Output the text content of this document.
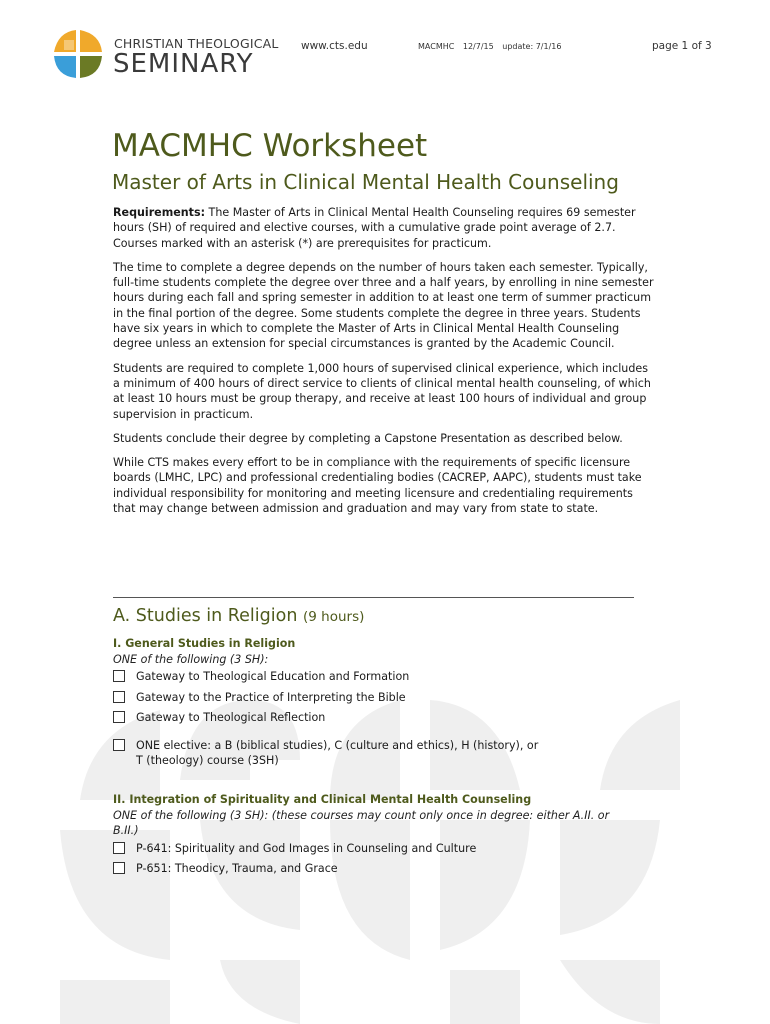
CHRISTIAN THEOLOGICAL
SEMINARY
www.cts.edu	MACMHC 12/7/15 update: 7/1/16	page 1 of 3
MACMHC Worksheet
Master of Arts in Clinical Mental Health Counseling

Requirements: The Master of Arts in Clinical Mental Health Counseling requires 69 semester hours (SH) of required and elective courses, with a cumulative grade point average of 2.7. Courses marked with an asterisk (*) are prerequisites for practicum.

The time to complete a degree depends on the number of hours taken each semester. Typically, full-time students complete the degree over three and a half years, by enrolling in nine semester hours during each fall and spring semester in addition to at least one term of summer practicum in the final portion of the degree. Some students complete the degree in three years. Students have six years in which to complete the Master of Arts in Clinical Mental Health Counseling degree unless an extension for special circumstances is granted by the Academic Council.

Students are required to complete 1,000 hours of supervised clinical experience, which includes a minimum of 400 hours of direct service to clients of clinical mental health counseling, of which at least 10 hours must be group therapy, and receive at least 100 hours of individual and group supervision in practicum.

Students conclude their degree by completing a Capstone Presentation as described below.

While CTS makes every effort to be in compliance with the requirements of specific licensure boards (LMHC, LPC) and professional credentialing bodies (CACREP, AAPC), students must take individual responsibility for monitoring and meeting licensure and credentialing requirements that may change between admission and graduation and may vary from state to state.

A. Studies in Religion (9 hours)
I. General Studies in Religion
ONE of the following (3 SH):
Gateway to Theological Education and Formation
Gateway to the Practice of Interpreting the Bible
Gateway to Theological Reflection
ONE elective: a B (biblical studies), C (culture and ethics), H (history), or T (theology) course (3SH)
II. Integration of Spirituality and Clinical Mental Health Counseling
ONE of the following (3 SH): (these courses may count only once in degree: either A.II. or B.II.)
P-641: Spirituality and God Images in Counseling and Culture
P-651: Theodicy, Trauma, and Grace
